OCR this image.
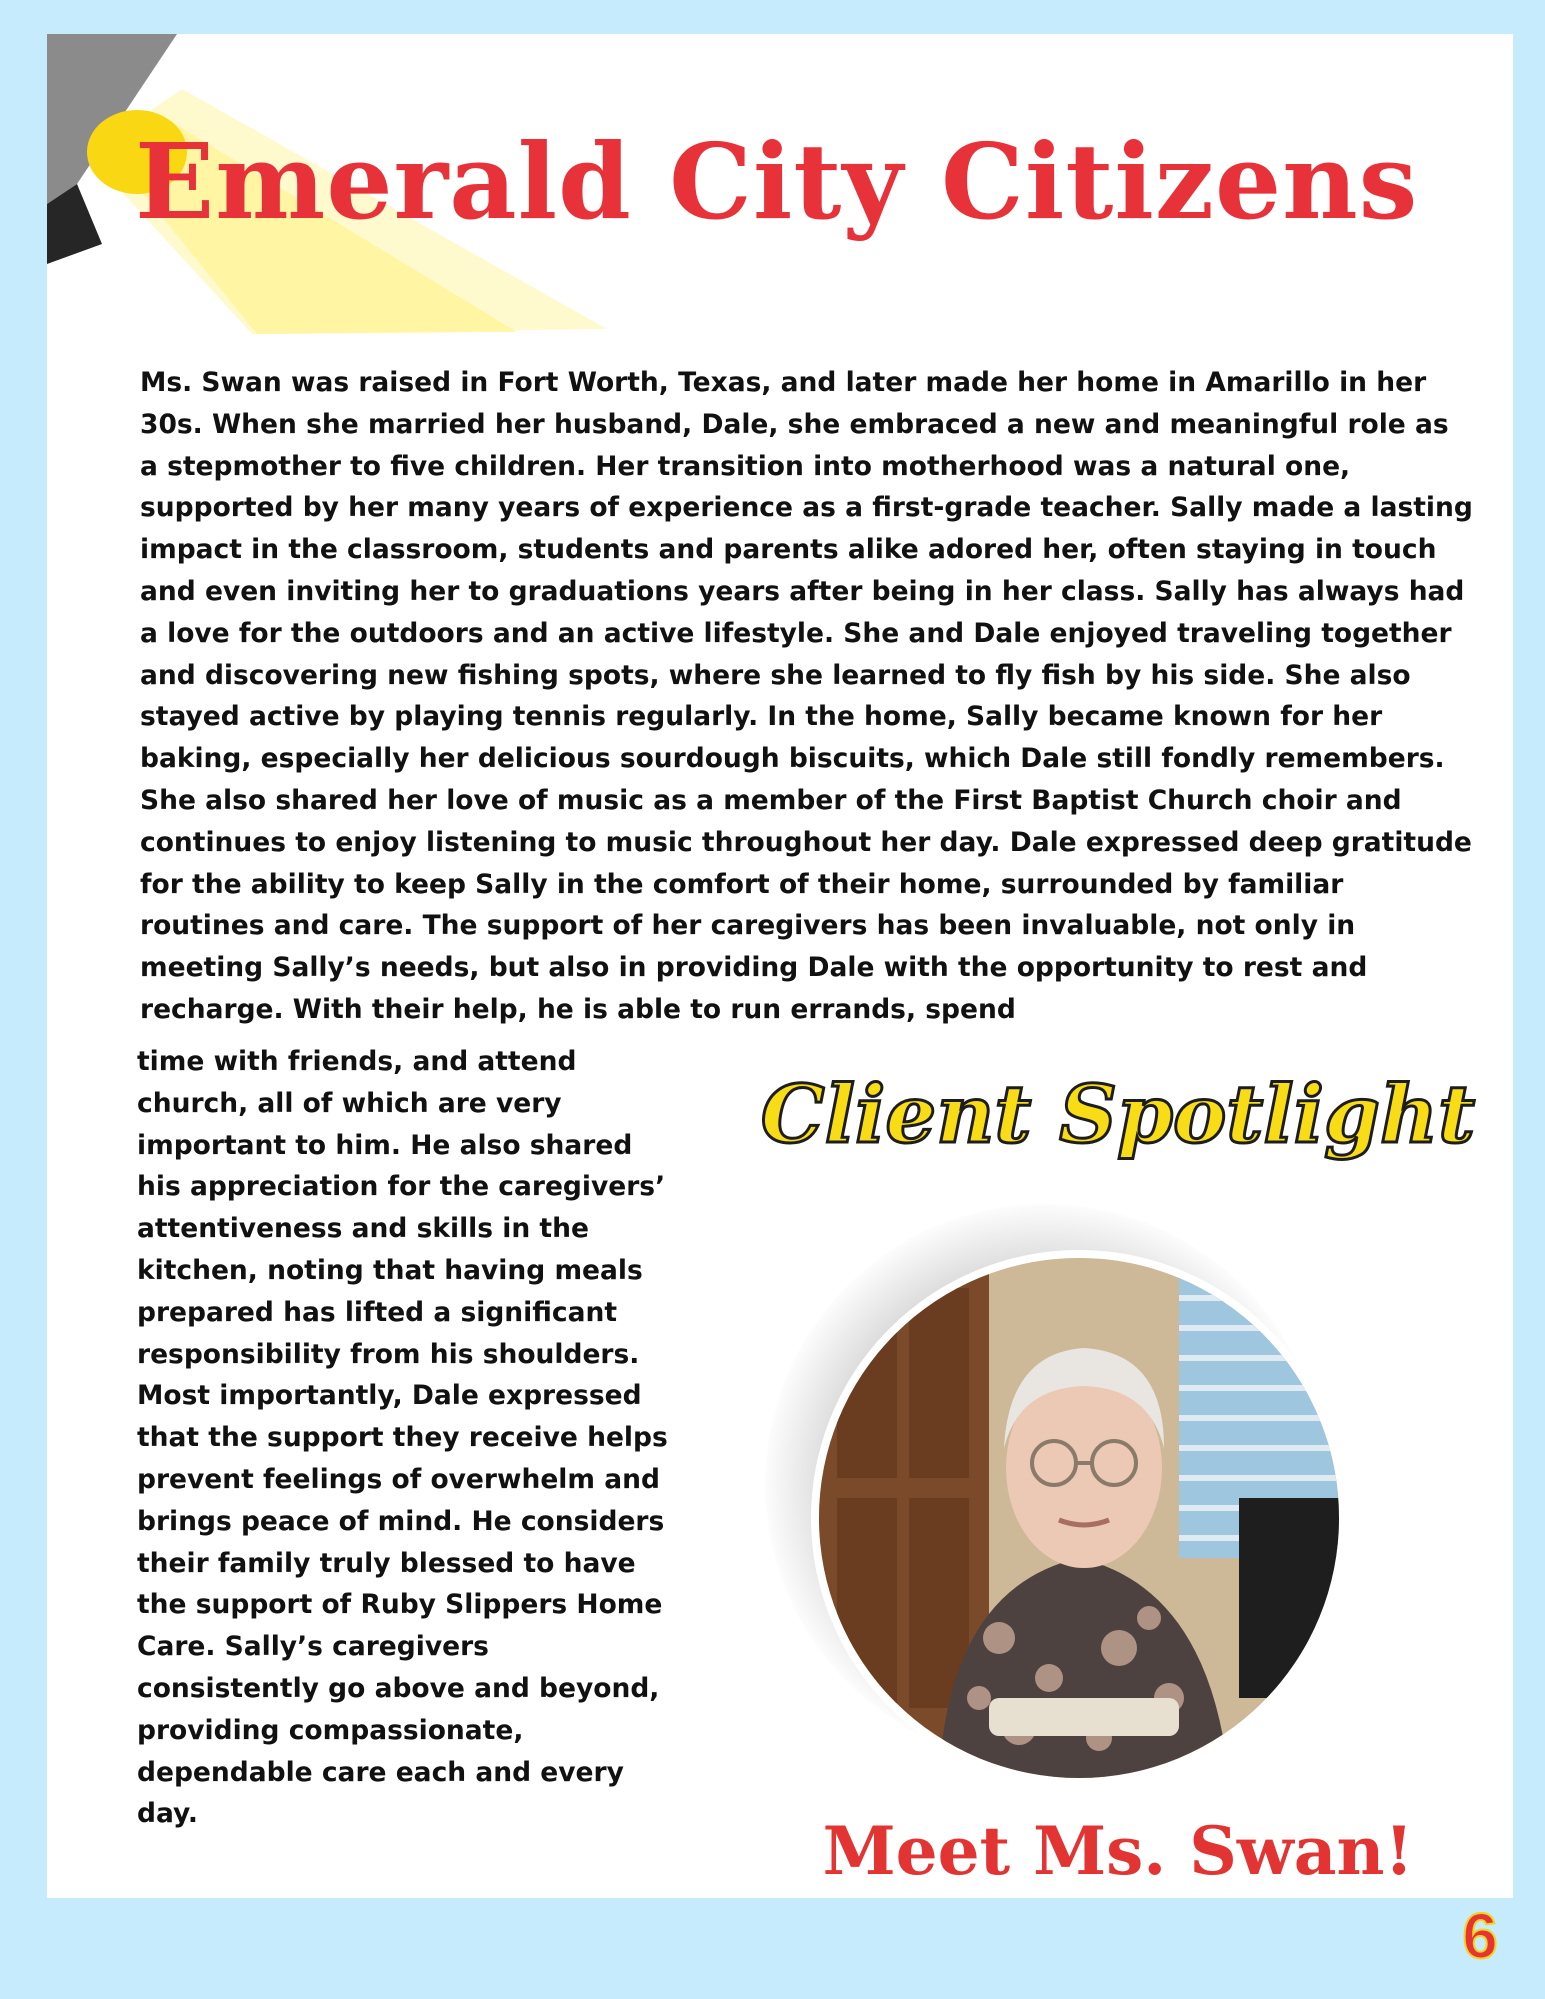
Emerald City Citizens

Ms. Swan was raised in Fort Worth, Texas, and later made her home in Amarillo in her 30s. When she married her husband, Dale, she embraced a new and meaningful role as a stepmother to five children. Her transition into motherhood was a natural one, supported by her many years of experience as a first-grade teacher. Sally made a lasting impact in the classroom, students and parents alike adored her, often staying in touch and even inviting her to graduations years after being in her class. Sally has always had a love for the outdoors and an active lifestyle. She and Dale enjoyed traveling together and discovering new fishing spots, where she learned to fly fish by his side. She also stayed active by playing tennis regularly. In the home, Sally became known for her baking, especially her delicious sourdough biscuits, which Dale still fondly remembers. She also shared her love of music as a member of the First Baptist Church choir and continues to enjoy listening to music throughout her day. Dale expressed deep gratitude for the ability to keep Sally in the comfort of their home, surrounded by familiar routines and care. The support of her caregivers has been invaluable, not only in meeting Sally’s needs, but also in providing Dale with the opportunity to rest and recharge. With their help, he is able to run errands, spend

time with friends, and attend church, all of which are very important to him. He also shared his appreciation for the caregivers’ attentiveness and skills in the kitchen, noting that having meals prepared has lifted a significant responsibility from his shoulders. Most importantly, Dale expressed that the support they receive helps prevent feelings of overwhelm and brings peace of mind. He considers their family truly blessed to have the support of Ruby Slippers Home Care. Sally’s caregivers consistently go above and beyond, providing compassionate, dependable care each and every day.

Client Spotlight

Meet Ms. Swan!

6
